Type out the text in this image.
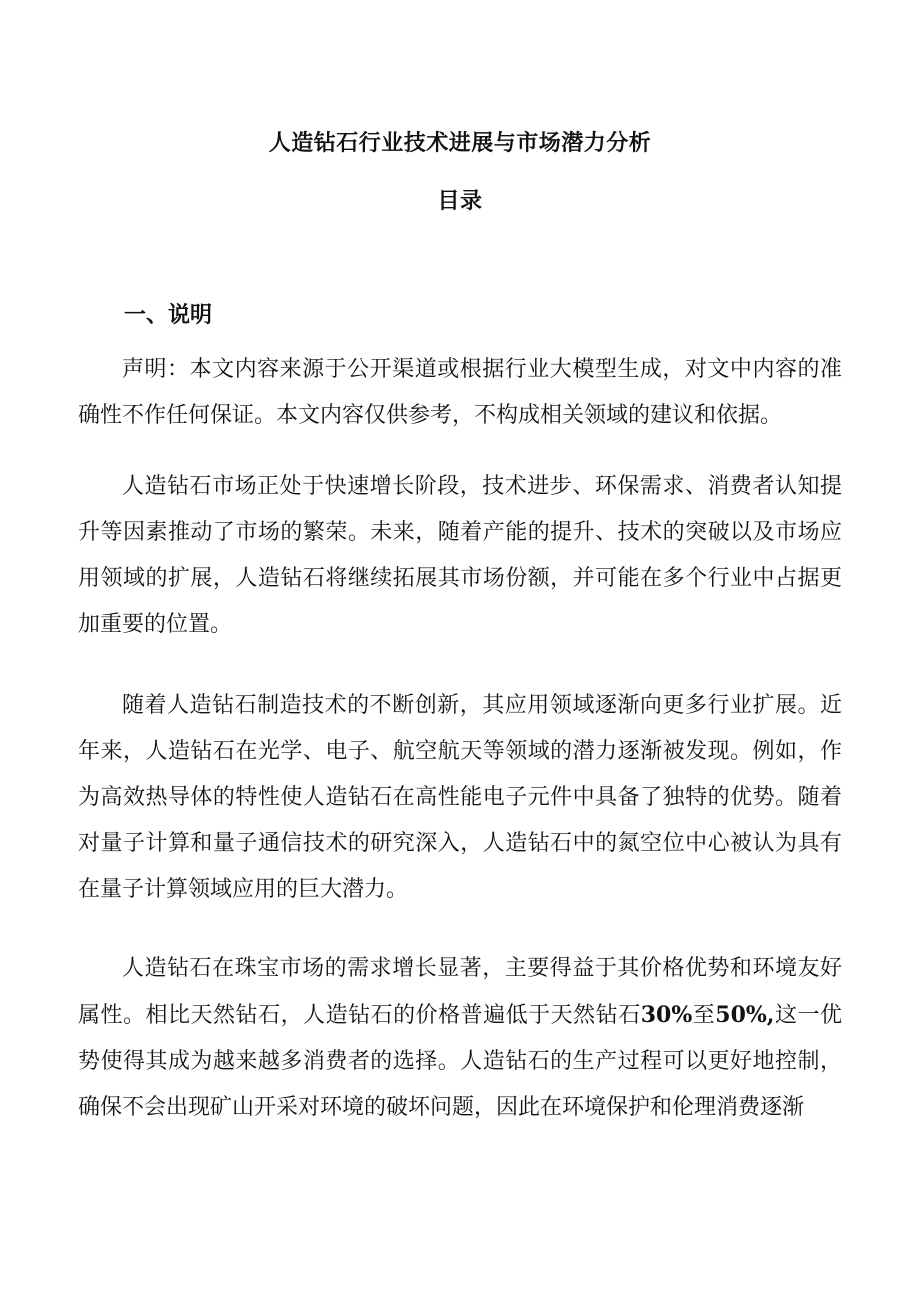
人造钻石行业技术进展与市场潜力分析
目录
一、说明

声明：本文内容来源于公开渠道或根据行业大模型生成，对文中内容的准确性不作任何保证。本文内容仅供参考，不构成相关领域的建议和依据。

人造钻石市场正处于快速增长阶段，技术进步、环保需求、消费者认知提升等因素推动了市场的繁荣。未来，随着产能的提升、技术的突破以及市场应用领域的扩展，人造钻石将继续拓展其市场份额，并可能在多个行业中占据更加重要的位置。

随着人造钻石制造技术的不断创新，其应用领域逐渐向更多行业扩展。近年来，人造钻石在光学、电子、航空航天等领域的潜力逐渐被发现。例如，作为高效热导体的特性使人造钻石在高性能电子元件中具备了独特的优势。随着对量子计算和量子通信技术的研究深入，人造钻石中的氮空位中心被认为具有在量子计算领域应用的巨大潜力。

人造钻石在珠宝市场的需求增长显著，主要得益于其价格优势和环境友好属性。相比天然钻石，人造钻石的价格普遍低于天然钻石30%至50%,这一优势使得其成为越来越多消费者的选择。人造钻石的生产过程可以更好地控制，确保不会出现矿山开采对环境的破坏问题，因此在环境保护和伦理消费逐渐
